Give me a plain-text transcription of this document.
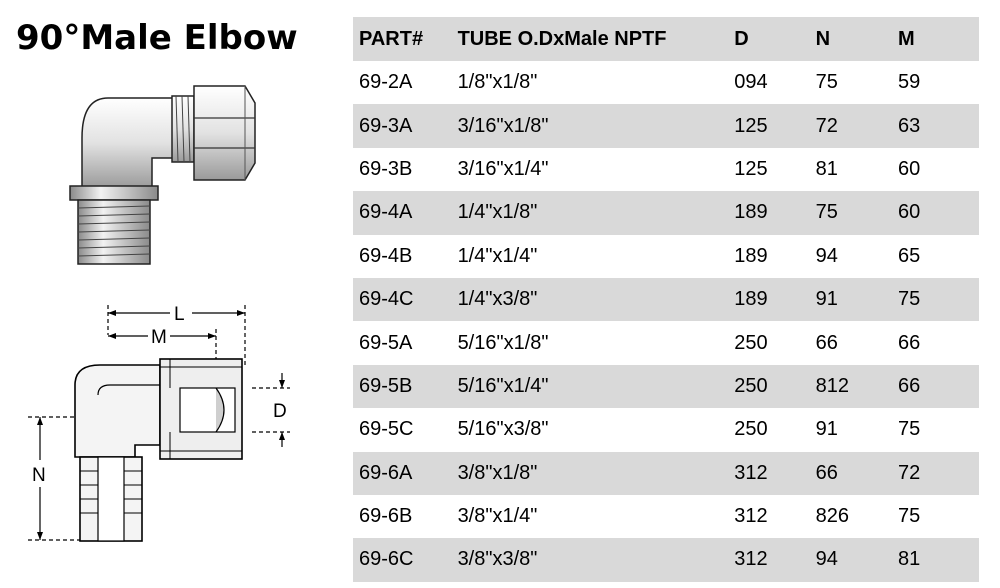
90°Male Elbow
L
M
D
N
PART#	TUBE O.DxMale NPTF	D	N	M
69-2A	1/8"x1/8"	094	75	59
69-3A	3/16"x1/8"	125	72	63
69-3B	3/16"x1/4"	125	81	60
69-4A	1/4"x1/8"	189	75	60
69-4B	1/4"x1/4"	189	94	65
69-4C	1/4"x3/8"	189	91	75
69-5A	5/16"x1/8"	250	66	66
69-5B	5/16"x1/4"	250	812	66
69-5C	5/16"x3/8"	250	91	75
69-6A	3/8"x1/8"	312	66	72
69-6B	3/8"x1/4"	312	826	75
69-6C	3/8"x3/8"	312	94	81
